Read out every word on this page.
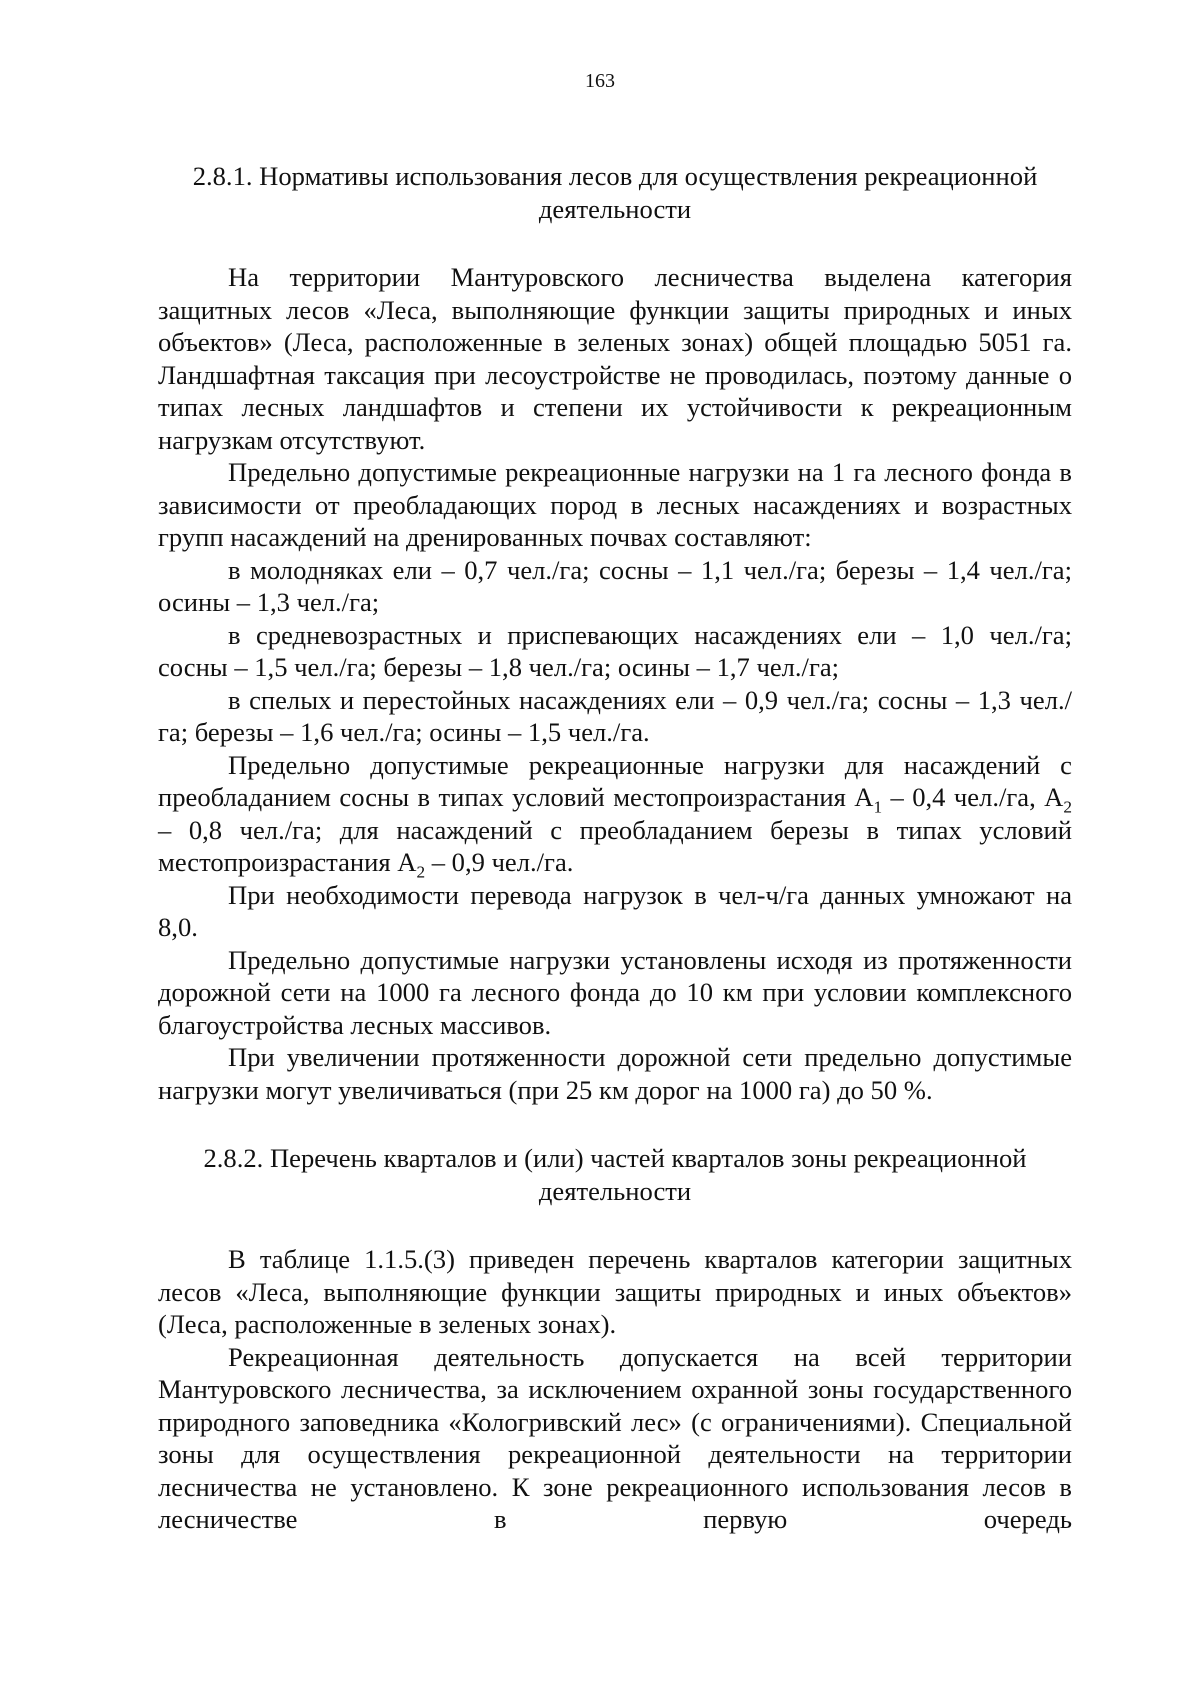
163
2.8.1. Нормативы использования лесов для осуществления рекреационной деятельности

На территории Мантуровского лесничества выделена категория защитных лесов «Леса, выполняющие функции защиты природных и иных объектов» (Леса, расположенные в зеленых зонах) общей площадью 5051 га. Ландшафтная таксация при лесоустройстве не проводилась, поэтому данные о типах лесных ландшафтов и степени их устойчивости к рекреационным нагрузкам отсутствуют.

Предельно допустимые рекреационные нагрузки на 1 га лесного фонда в зависимости от преобладающих пород в лесных насаждениях и возрастных групп насаждений на дренированных почвах составляют:

в молодняках ели – 0,7 чел./га; сосны – 1,1 чел./га; березы – 1,4 чел./га; осины – 1,3 чел./га;

в средневозрастных и приспевающих насаждениях ели – 1,0 чел./га; сосны – 1,5 чел./га; березы – 1,8 чел./га; осины – 1,7 чел./га;

в спелых и перестойных насаждениях ели – 0,9 чел./га; сосны – 1,3 чел./га; березы – 1,6 чел./га; осины – 1,5 чел./га.

Предельно допустимые рекреационные нагрузки для насаждений с преобладанием сосны в типах условий местопроизрастания $А_1 - 0,4$ чел./га, $А_2 - 0,8$ чел./га; для насаждений с преобладанием березы в типах условий местопроизрастания $А_2 - 0,9$ чел./га.

При необходимости перевода нагрузок в чел-ч/га данных умножают на 8,0.

Предельно допустимые нагрузки установлены исходя из протяженности дорожной сети на 1000 га лесного фонда до 10 км при условии комплексного благоустройства лесных массивов.

При увеличении протяженности дорожной сети предельно допустимые нагрузки могут увеличиваться (при 25 км дорог на 1000 га) до 50 %.

2.8.2. Перечень кварталов и (или) частей кварталов зоны рекреационной деятельности

В таблице 1.1.5.(3) приведен перечень кварталов категории защитных лесов «Леса, выполняющие функции защиты природных и иных объектов» (Леса, расположенные в зеленых зонах).

Рекреационная деятельность допускается на всей территории Мантуровского лесничества, за исключением охранной зоны государственного природного заповедника «Кологривский лес» (с ограничениями). Специальной зоны для осуществления рекреационной деятельности на территории лесничества не установлено. К зоне рекреационного использования лесов в лесничестве в первую очередь
